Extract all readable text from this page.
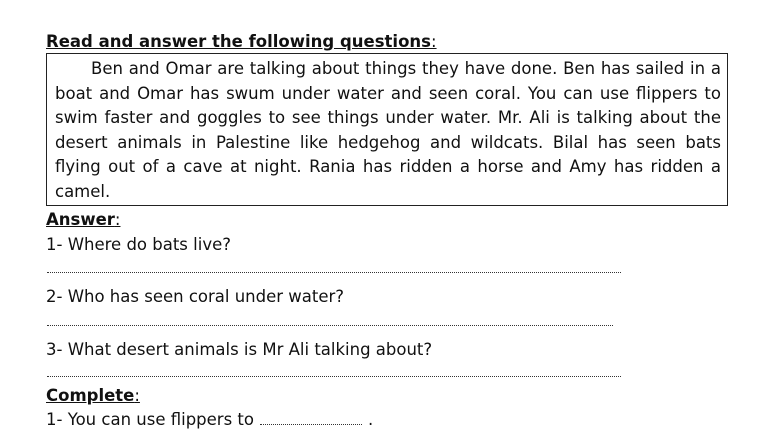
Read and answer the following questions:
Ben and Omar are talking about things they have done. Ben has sailed in a boat and Omar has swum under water and seen coral. You can use flippers to swim faster and goggles to see things under water. Mr. Ali is talking about the desert animals in Palestine like hedgehog and wildcats. Bilal has seen bats flying out of a cave at night. Rania has ridden a horse and Amy has ridden a camel.
Answer:
1- Where do bats live?
2- Who has seen coral under water?
3- What desert animals is Mr Ali talking about?
Complete:
1- You can use flippers to	.
